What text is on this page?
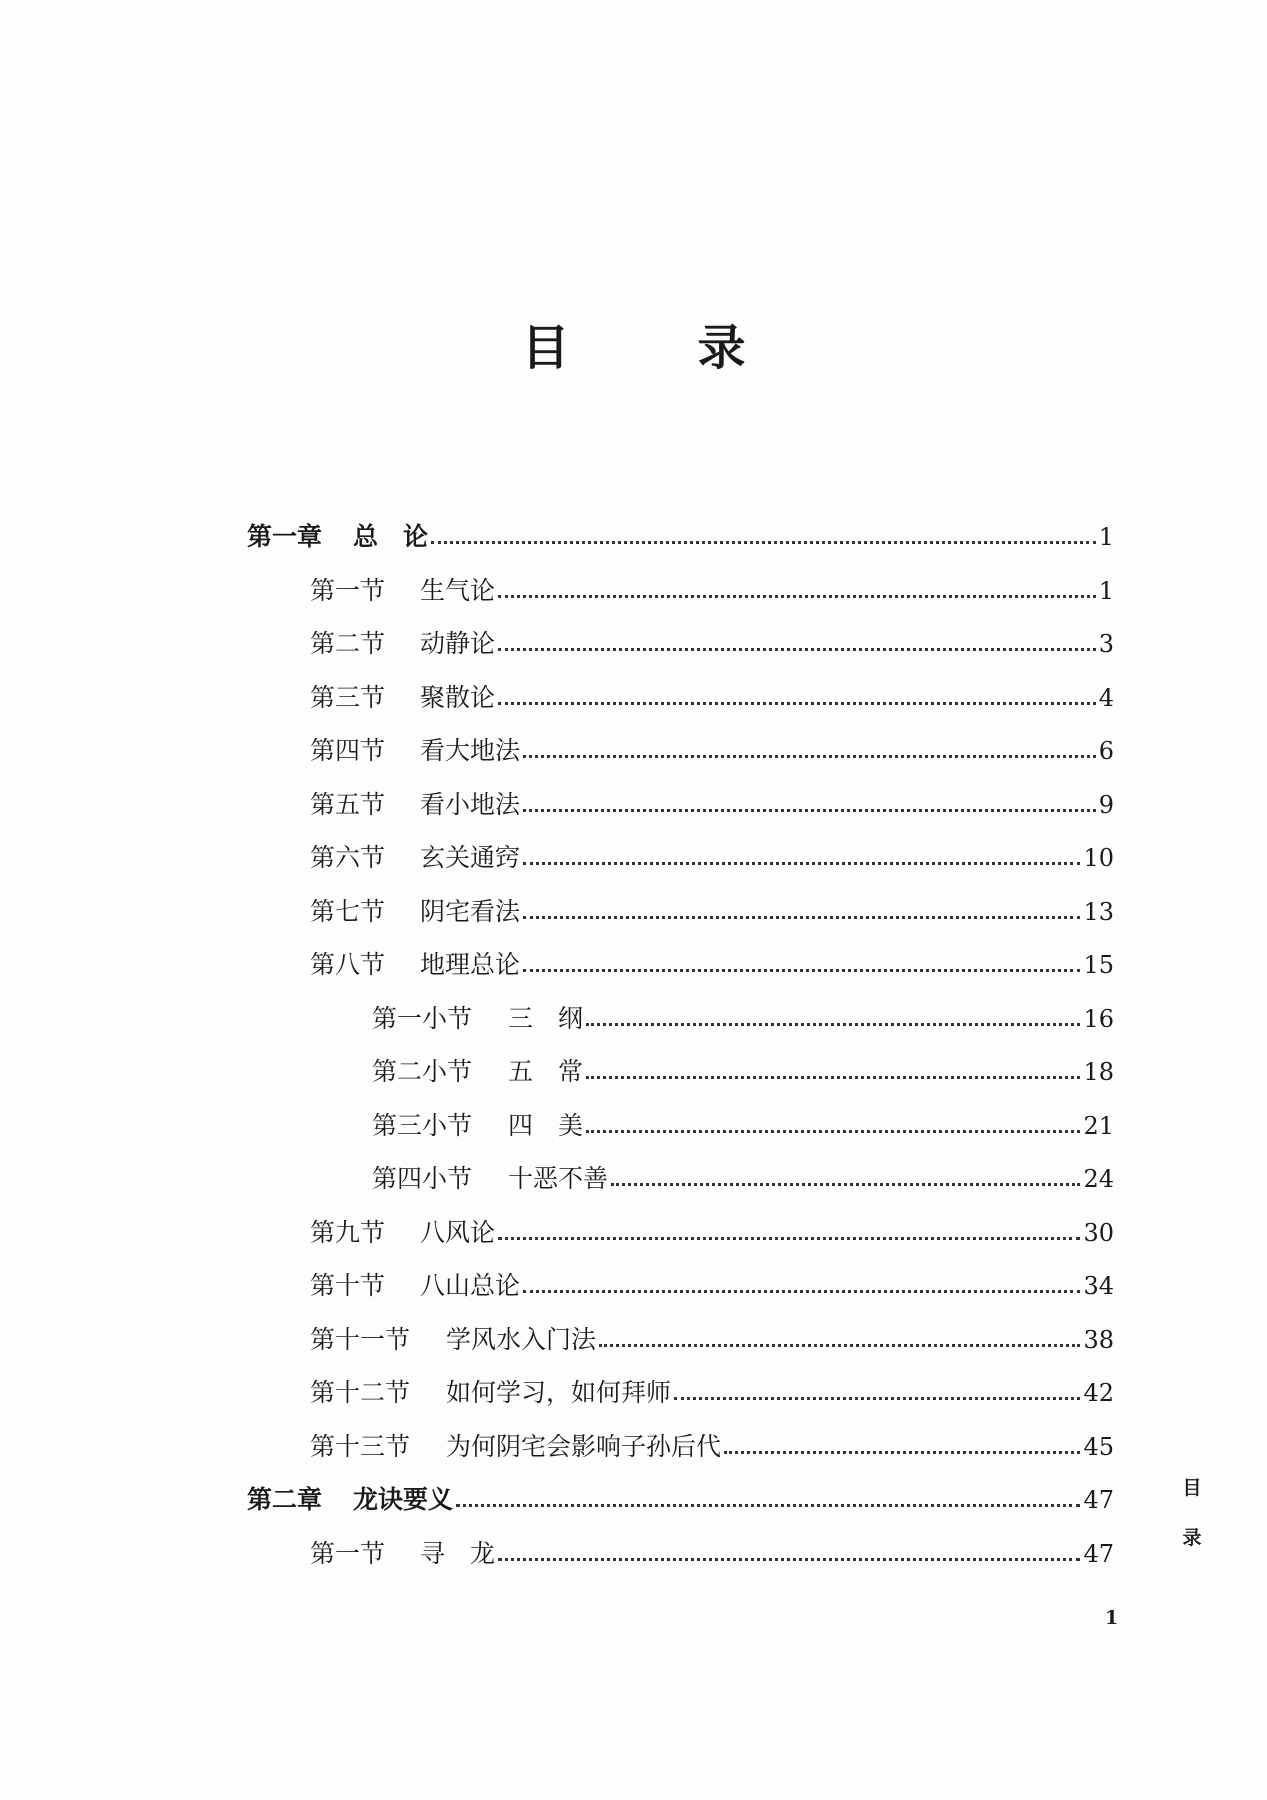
目　录
第一章	总　论	1
第一节	生气论	1
第二节	动静论	3
第三节	聚散论	4
第四节	看大地法	6
第五节	看小地法	9
第六节	玄关通窍	10
第七节	阴宅看法	13
第八节	地理总论	15
第一小节	三　纲	16
第二小节	五　常	18
第三小节	四　美	21
第四小节	十恶不善	24
第九节	八风论	30
第十节	八山总论	34
第十一节	学风水入门法	38
第十二节	如何学习，如何拜师	42
第十三节	为何阴宅会影响子孙后代	45
第二章	龙诀要义	47
第一节	寻　龙	47
目 录
1
